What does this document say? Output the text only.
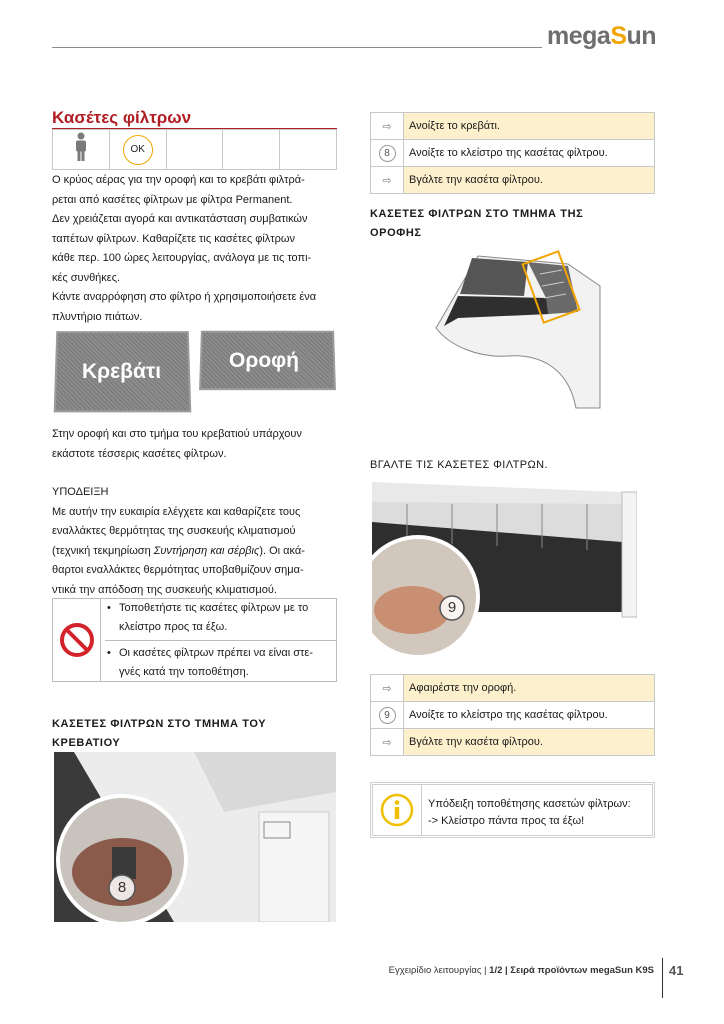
megaSun
Κασέτες φίλτρων
	OK			
Ο κρύος αέρας για την οροφή και το κρεβάτι φιλτρά-
ρεται από κασέτες φίλτρων με φίλτρα Permanent.
Δεν χρειάζεται αγορά και αντικατάσταση συμβατικών
ταπέτων φίλτρων. Καθαρίζετε τις κασέτες φίλτρων
κάθε περ. 100 ώρες λειτουργίας, ανάλογα με τις τοπι-
κές συνθήκες.
Κάντε αναρρόφηση στο φίλτρο ή χρησιμοποιήσετε ένα
πλυντήριο πιάτων.
Κρεβάτι	Οροφή
Στην οροφή και στο τμήμα του κρεβατιού υπάρχουν
εκάστοτε τέσσερις κασέτες φίλτρων.
ΥΠΟΔΕΙΞΗ
Με αυτήν την ευκαιρία ελέγχετε και καθαρίζετε τους
εναλλάκτες θερμότητας της συσκευής κλιματισμού
(τεχνική τεκμηρίωση Συντήρηση και σέρβις). Οι ακά-
θαρτοι εναλλάκτες θερμότητας υποβαθμίζουν σημα-
ντικά την απόδοση της συσκευής κλιματισμού.
• Τοποθετήστε τις κασέτες φίλτρων με το
κλείστρο προς τα έξω.
• Οι κασέτες φίλτρων πρέπει να είναι στε-
γνές κατά την τοποθέτηση.
ΚΑΣΕΤΕΣ ΦΙΛΤΡΩΝ ΣΤΟ ΤΜΗΜΑ ΤΟΥ
ΚΡΕΒΑΤΙΟΥ
8
⇨	Ανοίξτε το κρεβάτι.
8	Ανοίξτε το κλείστρο της κασέτας φίλτρου.
⇨	Βγάλτε την κασέτα φίλτρου.
ΚΑΣΕΤΕΣ ΦΙΛΤΡΩΝ ΣΤΟ ΤΜΗΜΑ ΤΗΣ
ΟΡΟΦΗΣ
ΒΓΑΛΤΕ ΤΙΣ ΚΑΣΕΤΕΣ ΦΙΛΤΡΩΝ.
9
⇨	Αφαιρέστε την οροφή.
9	Ανοίξτε το κλείστρο της κασέτας φίλτρου.
⇨	Βγάλτε την κασέτα φίλτρου.
Υπόδειξη τοποθέτησης κασετών φίλτρων:
-> Κλείστρο πάντα προς τα έξω!
Εγχειρίδιο λειτουργίας | 1/2 | Σειρά προϊόντων megaSun K9S 41
